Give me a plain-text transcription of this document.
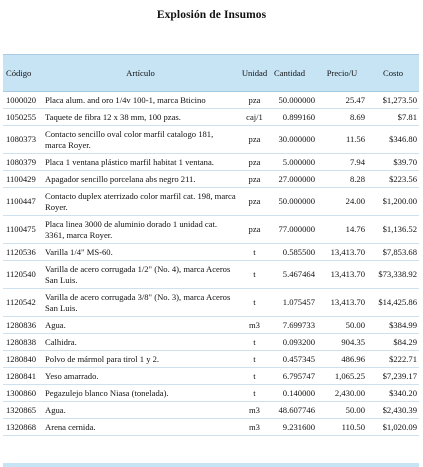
Explosión de Insumos
Código	Artículo	Unidad	Cantidad	Precio/U	Costo
1000020	Placa alum. and oro 1/4v 100-1, marca Bticino	pza	50.000000	25.47	$1,273.50
1050255	Taquete de fibra 12 x 38 mm, 100 pzas.	caj/1	0.899160	8.69	$7.81
1080373	Contacto sencillo oval color marfil catalogo 181, marca Royer.	pza	30.000000	11.56	$346.80
1080379	Placa 1 ventana plástico marfil habitat 1 ventana.	pza	5.000000	7.94	$39.70
1100429	Apagador sencillo porcelana abs negro 211.	pza	27.000000	8.28	$223.56
1100447	Contacto duplex aterrizado color marfil cat. 198, marca Royer.	pza	50.000000	24.00	$1,200.00
1100475	Placa linea 3000 de aluminio dorado 1 unidad cat. 3361, marca Royer.	pza	77.000000	14.76	$1,136.52
1120536	Varilla 1/4" MS-60.	t	0.585500	13,413.70	$7,853.68
1120540	Varilla de acero corrugada 1/2" (No. 4), marca Aceros San Luis.	t	5.467464	13,413.70	$73,338.92
1120542	Varilla de acero corrugada 3/8" (No. 3), marca Aceros San Luis.	t	1.075457	13,413.70	$14,425.86
1280836	Agua.	m3	7.699733	50.00	$384.99
1280838	Calhidra.	t	0.093200	904.35	$84.29
1280840	Polvo de mármol para tirol 1 y 2.	t	0.457345	486.96	$222.71
1280841	Yeso amarrado.	t	6.795747	1,065.25	$7,239.17
1300860	Pegazulejo blanco Niasa (tonelada).	t	0.140000	2,430.00	$340.20
1320865	Agua.	m3	48.607746	50.00	$2,430.39
1320868	Arena cernida.	m3	9.231600	110.50	$1,020.09
